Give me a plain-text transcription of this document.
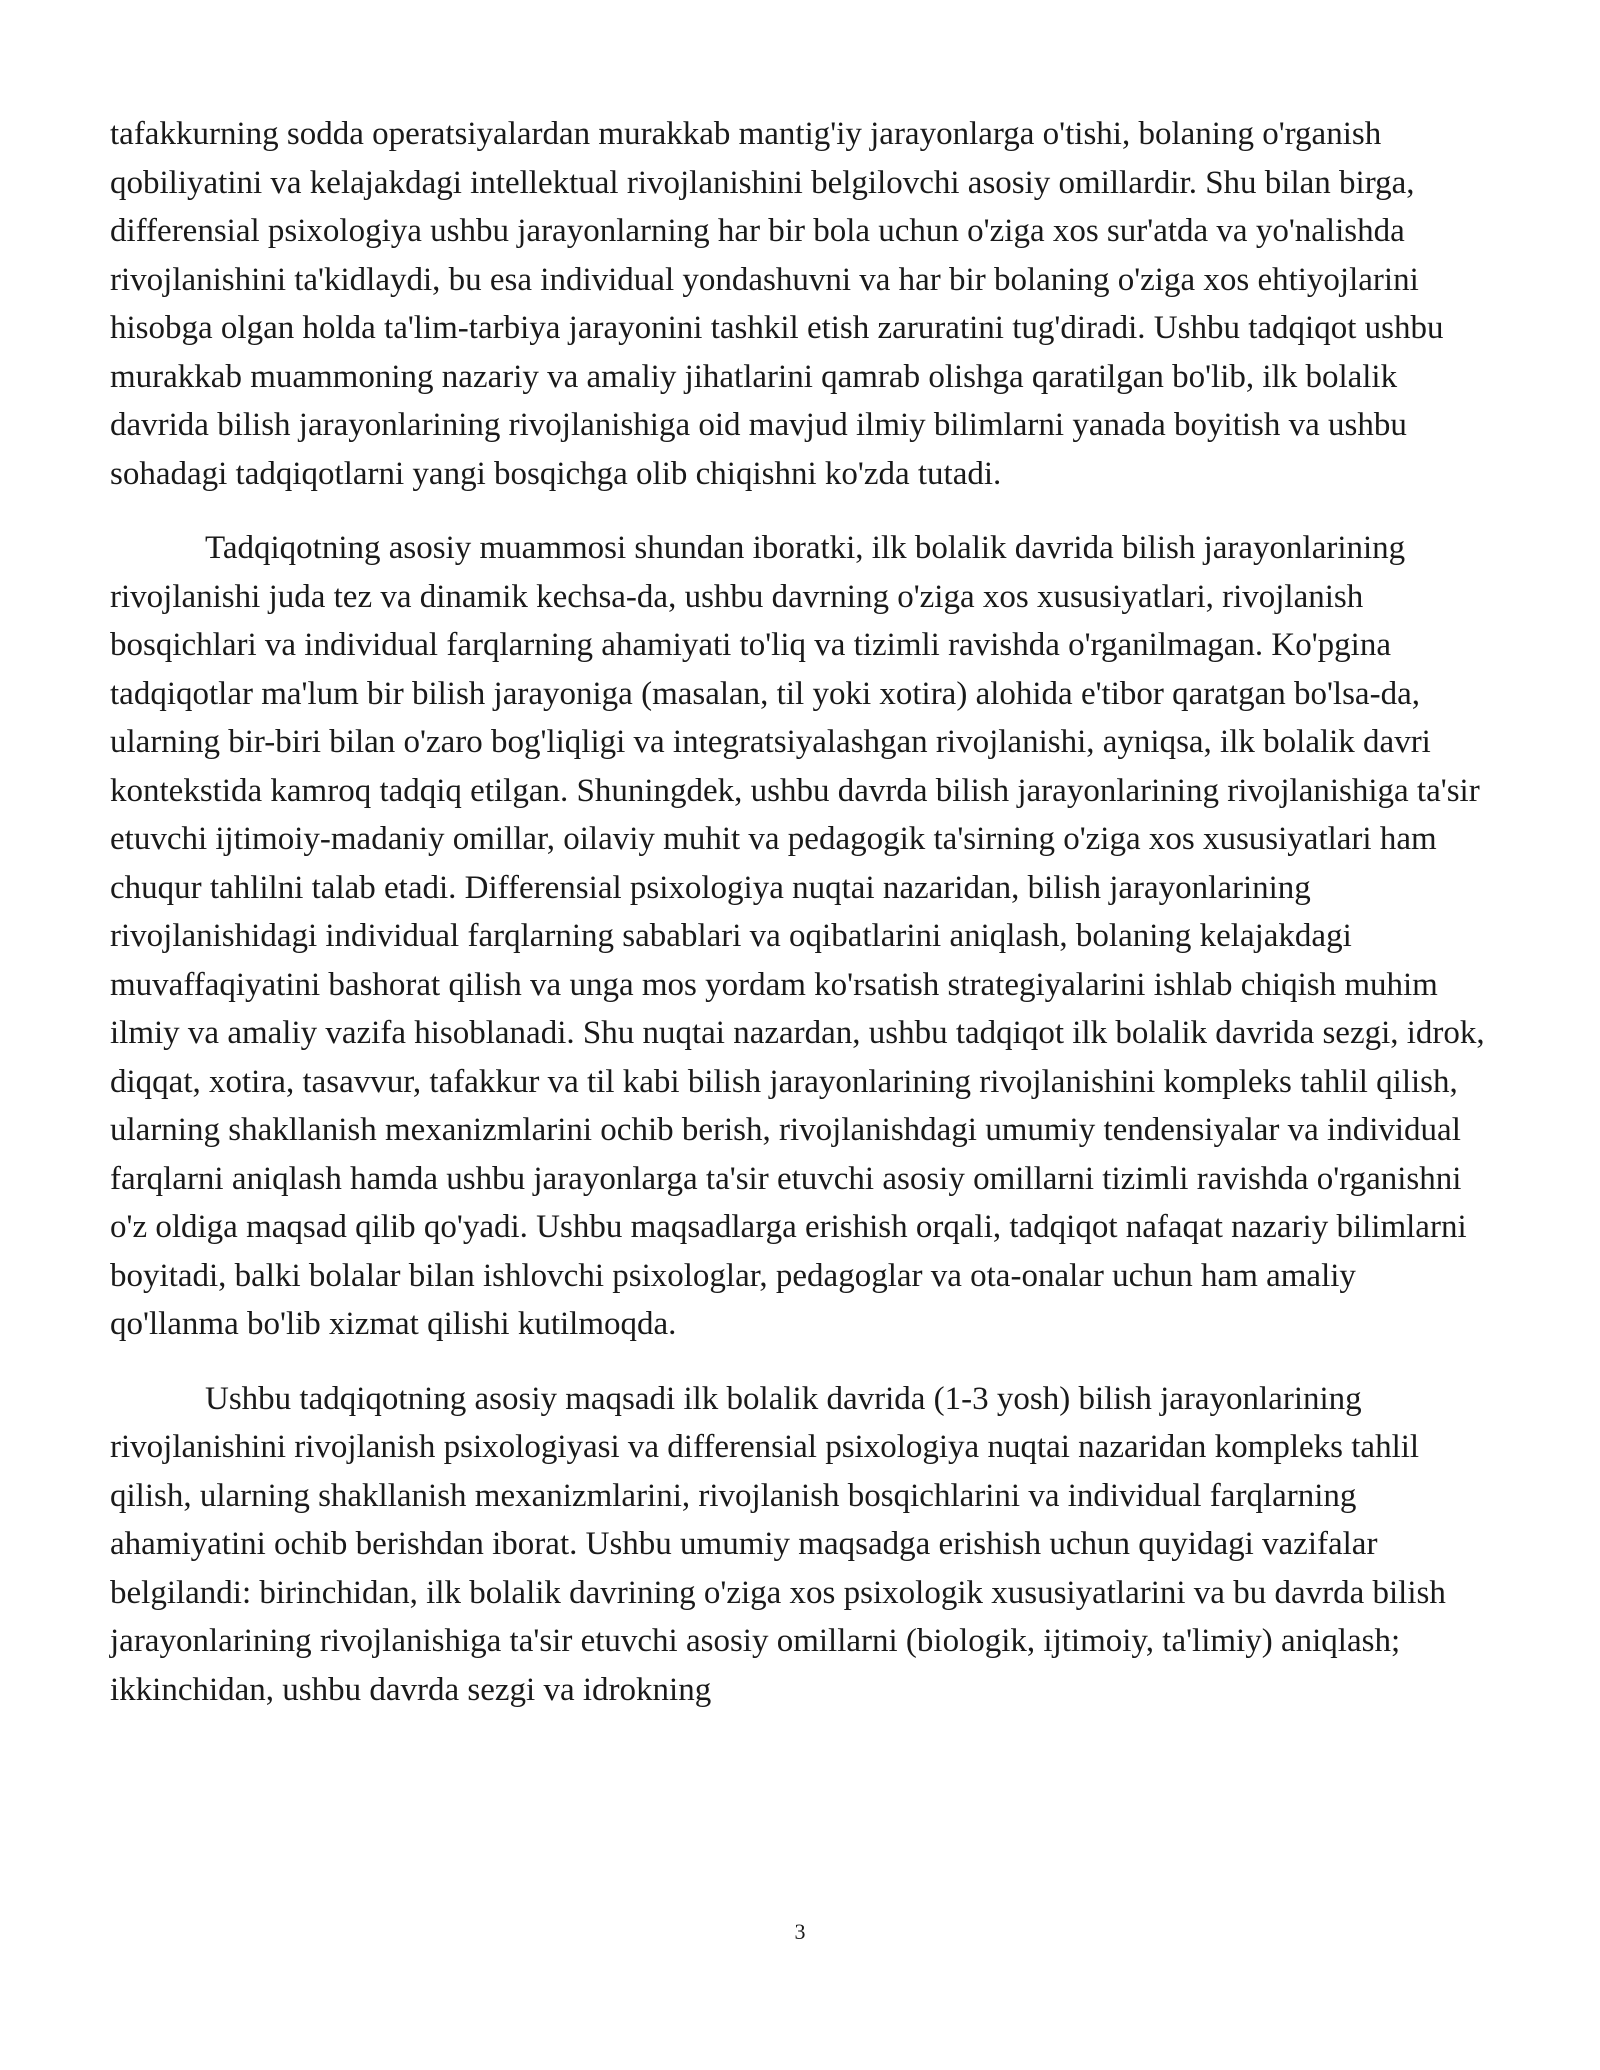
tafakkurning sodda operatsiyalardan murakkab mantig'iy jarayonlarga o'tishi, bolaning o'rganish qobiliyatini va kelajakdagi intellektual rivojlanishini belgilovchi asosiy omillardir. Shu bilan birga, differensial psixologiya ushbu jarayonlarning har bir bola uchun o'ziga xos sur'atda va yo'nalishda rivojlanishini ta'kidlaydi, bu esa individual yondashuvni va har bir bolaning o'ziga xos ehtiyojlarini hisobga olgan holda ta'lim-tarbiya jarayonini tashkil etish zaruratini tug'diradi. Ushbu tadqiqot ushbu murakkab muammoning nazariy va amaliy jihatlarini qamrab olishga qaratilgan bo'lib, ilk bolalik davrida bilish jarayonlarining rivojlanishiga oid mavjud ilmiy bilimlarni yanada boyitish va ushbu sohadagi tadqiqotlarni yangi bosqichga olib chiqishni ko'zda tutadi.

Tadqiqotning asosiy muammosi shundan iboratki, ilk bolalik davrida bilish jarayonlarining rivojlanishi juda tez va dinamik kechsa-da, ushbu davrning o'ziga xos xususiyatlari, rivojlanish bosqichlari va individual farqlarning ahamiyati to'liq va tizimli ravishda o'rganilmagan. Ko'pgina tadqiqotlar ma'lum bir bilish jarayoniga (masalan, til yoki xotira) alohida e'tibor qaratgan bo'lsa-da, ularning bir-biri bilan o'zaro bog'liqligi va integratsiyalashgan rivojlanishi, ayniqsa, ilk bolalik davri kontekstida kamroq tadqiq etilgan. Shuningdek, ushbu davrda bilish jarayonlarining rivojlanishiga ta'sir etuvchi ijtimoiy-madaniy omillar, oilaviy muhit va pedagogik ta'sirning o'ziga xos xususiyatlari ham chuqur tahlilni talab etadi. Differensial psixologiya nuqtai nazaridan, bilish jarayonlarining rivojlanishidagi individual farqlarning sabablari va oqibatlarini aniqlash, bolaning kelajakdagi muvaffaqiyatini bashorat qilish va unga mos yordam ko'rsatish strategiyalarini ishlab chiqish muhim ilmiy va amaliy vazifa hisoblanadi. Shu nuqtai nazardan, ushbu tadqiqot ilk bolalik davrida sezgi, idrok, diqqat, xotira, tasavvur, tafakkur va til kabi bilish jarayonlarining rivojlanishini kompleks tahlil qilish, ularning shakllanish mexanizmlarini ochib berish, rivojlanishdagi umumiy tendensiyalar va individual farqlarni aniqlash hamda ushbu jarayonlarga ta'sir etuvchi asosiy omillarni tizimli ravishda o'rganishni o'z oldiga maqsad qilib qo'yadi. Ushbu maqsadlarga erishish orqali, tadqiqot nafaqat nazariy bilimlarni boyitadi, balki bolalar bilan ishlovchi psixologlar, pedagoglar va ota-onalar uchun ham amaliy qo'llanma bo'lib xizmat qilishi kutilmoqda.

Ushbu tadqiqotning asosiy maqsadi ilk bolalik davrida (1-3 yosh) bilish jarayonlarining rivojlanishini rivojlanish psixologiyasi va differensial psixologiya nuqtai nazaridan kompleks tahlil qilish, ularning shakllanish mexanizmlarini, rivojlanish bosqichlarini va individual farqlarning ahamiyatini ochib berishdan iborat. Ushbu umumiy maqsadga erishish uchun quyidagi vazifalar belgilandi: birinchidan, ilk bolalik davrining o'ziga xos psixologik xususiyatlarini va bu davrda bilish jarayonlarining rivojlanishiga ta'sir etuvchi asosiy omillarni (biologik, ijtimoiy, ta'limiy) aniqlash; ikkinchidan, ushbu davrda sezgi va idrokning

3
